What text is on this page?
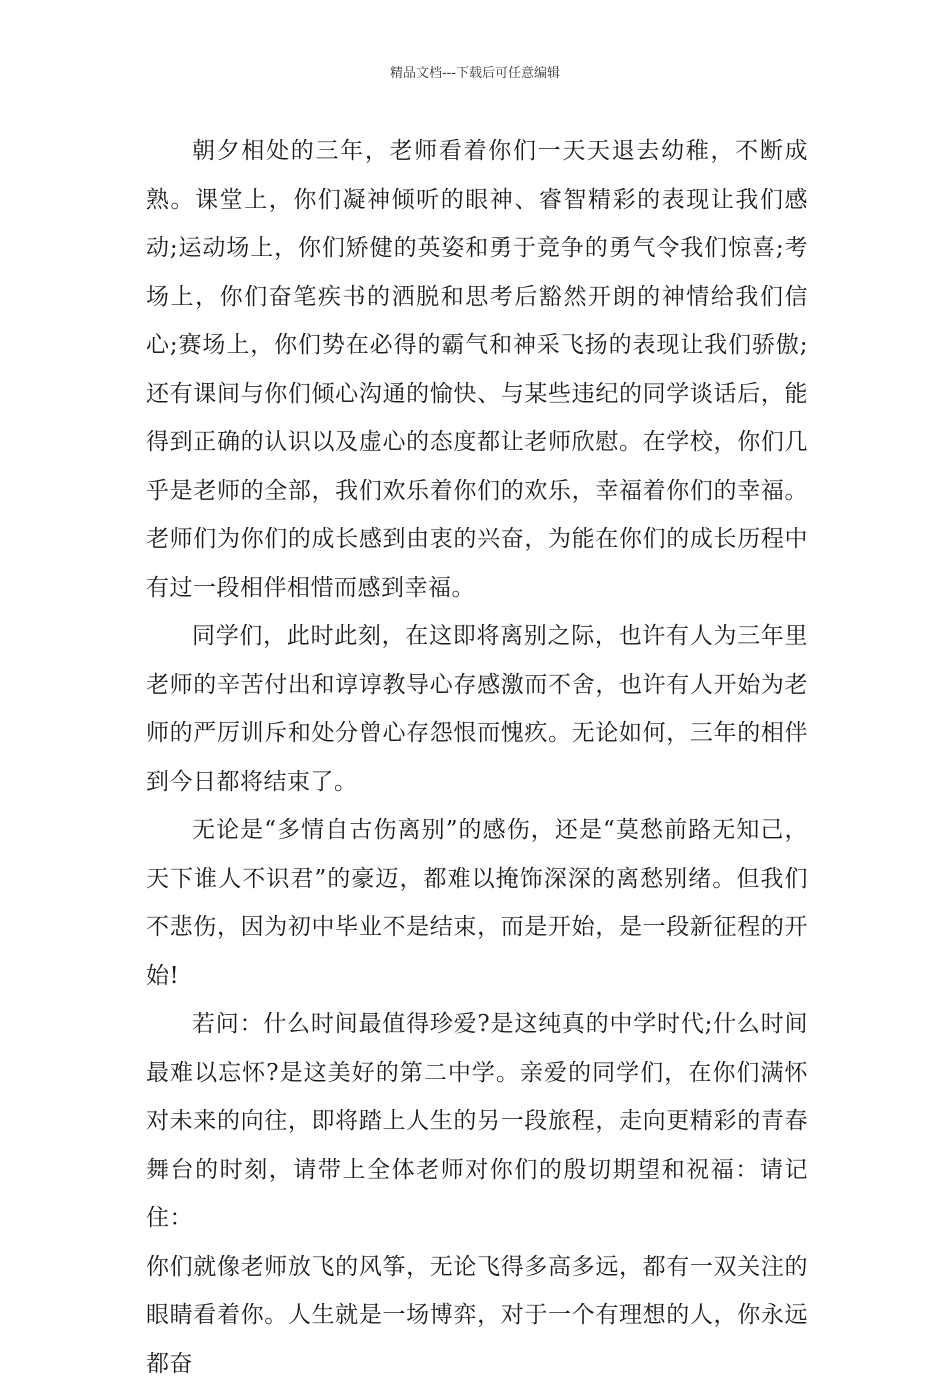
精品文档---下载后可任意编辑

朝夕相处的三年，老师看着你们一天天退去幼稚，不断成熟。课堂上，你们凝神倾听的眼神、睿智精彩的表现让我们感动;运动场上，你们矫健的英姿和勇于竞争的勇气令我们惊喜;考场上，你们奋笔疾书的洒脱和思考后豁然开朗的神情给我们信心;赛场上，你们势在必得的霸气和神采飞扬的表现让我们骄傲;还有课间与你们倾心沟通的愉快、与某些违纪的同学谈话后，能得到正确的认识以及虚心的态度都让老师欣慰。在学校，你们几乎是老师的全部，我们欢乐着你们的欢乐，幸福着你们的幸福。老师们为你们的成长感到由衷的兴奋，为能在你们的成长历程中有过一段相伴相惜而感到幸福。

同学们，此时此刻，在这即将离别之际，也许有人为三年里老师的辛苦付出和谆谆教导心存感激而不舍，也许有人开始为老师的严厉训斥和处分曾心存怨恨而愧疚。无论如何，三年的相伴到今日都将结束了。

无论是“多情自古伤离别”的感伤，还是“莫愁前路无知己，天下谁人不识君”的豪迈，都难以掩饰深深的离愁别绪。但我们不悲伤，因为初中毕业不是结束，而是开始，是一段新征程的开始!

若问：什么时间最值得珍爱?是这纯真的中学时代;什么时间最难以忘怀?是这美好的第二中学。亲爱的同学们，在你们满怀对未来的向往，即将踏上人生的另一段旅程，走向更精彩的青春舞台的时刻，请带上全体老师对你们的殷切期望和祝福：请记住：

你们就像老师放飞的风筝，无论飞得多高多远，都有一双关注的眼睛看着你。人生就是一场博弈，对于一个有理想的人，你永远都奋
